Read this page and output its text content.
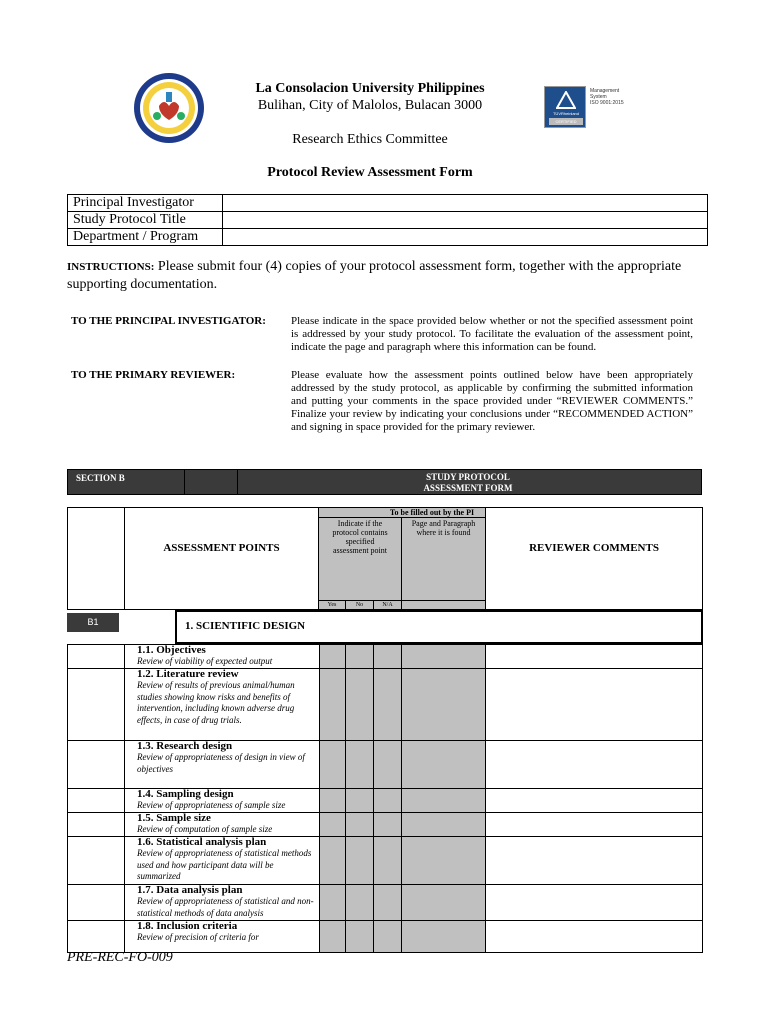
La Consolacion University Philippines
Bulihan, City of Malolos, Bulacan 3000
Research Ethics Committee
Protocol Review Assessment Form
TÜVRheinland
CERTIFIED
Management
System
ISO 9001:2015
Principal Investigator	
Study Protocol Title	
Department / Program	
INSTRUCTIONS: Please submit four (4) copies of your protocol assessment form, together with the appropriate supporting documentation.
TO THE PRINCIPAL INVESTIGATOR: Please indicate in the space provided below whether or not the specified assessment point is addressed by your study protocol. To facilitate the evaluation of the assessment point, indicate the page and paragraph where this information can be found.
TO THE PRIMARY REVIEWER:	Please evaluate how the assessment points outlined below have been appropriately addressed by the study protocol, as applicable by confirming the submitted information and putting your comments in the space provided under “REVIEWER COMMENTS.” Finalize your review by indicating your conclusions under “RECOMMENDED ACTION” and signing in space provided for the primary reviewer.
SECTION B	STUDY PROTOCOL
ASSESSMENT FORM
ASSESSMENT POINTS
To be filled out by the PI
Indicate if the protocol contains specified assessment point
Page and Paragraph where it is found
Yes	No	N/A
REVIEWER COMMENTS
B1	1. SCIENTIFIC DESIGN
1.1. Objectives
Review of viability of expected output
1.2. Literature review
Review of results of previous animal/human studies showing know risks and benefits of intervention, including known adverse drug effects, in case of drug trials.
1.3. Research design
Review of appropriateness of design in view of objectives
1.4. Sampling design
Review of appropriateness of sample size
1.5. Sample size
Review of computation of sample size
1.6. Statistical analysis plan
Review of appropriateness of statistical methods used and how participant data will be summarized
1.7. Data analysis plan
Review of appropriateness of statistical and non-statistical methods of data analysis
1.8. Inclusion criteria
Review of precision of criteria for
PRE-REC-FO-009
